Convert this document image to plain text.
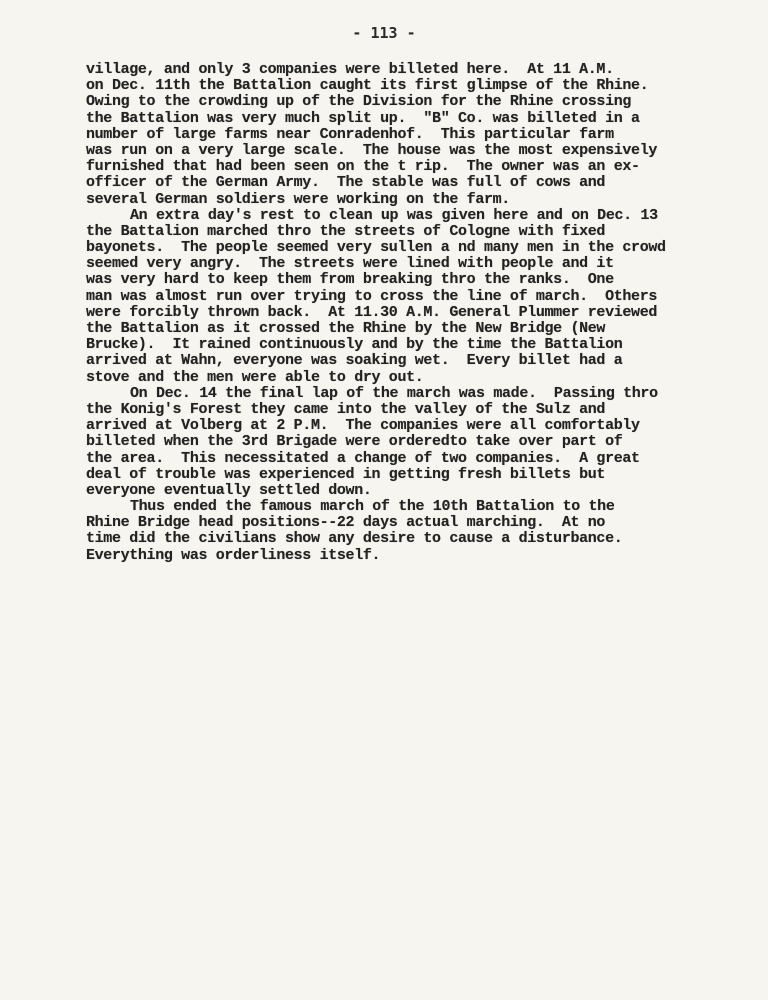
- 113 -
village, and only 3 companies were billeted here.  At 11 A.M.
on Dec. 11th the Battalion caught its first glimpse of the Rhine.
Owing to the crowding up of the Division for the Rhine crossing
the Battalion was very much split up.  "B" Co. was billeted in a
number of large farms near Conradenhof.  This particular farm
was run on a very large scale.  The house was the most expensively
furnished that had been seen on the t rip.  The owner was an ex-
officer of the German Army.  The stable was full of cows and
several German soldiers were working on the farm.
An extra day's rest to clean up was given here and on Dec. 13
the Battalion marched thro the streets of Cologne with fixed
bayonets.  The people seemed very sullen a nd many men in the crowd
seemed very angry.  The streets were lined with people and it
was very hard to keep them from breaking thro the ranks.  One
man was almost run over trying to cross the line of march.  Others
were forcibly thrown back.  At 11.30 A.M. General Plummer reviewed
the Battalion as it crossed the Rhine by the New Bridge (New
Brucke).  It rained continuously and by the time the Battalion
arrived at Wahn, everyone was soaking wet.  Every billet had a
stove and the men were able to dry out.
On Dec. 14 the final lap of the march was made.  Passing thro
the Konig's Forest they came into the valley of the Sulz and
arrived at Volberg at 2 P.M.  The companies were all comfortably
billeted when the 3rd Brigade were orderedto take over part of
the area.  This necessitated a change of two companies.  A great
deal of trouble was experienced in getting fresh billets but
everyone eventually settled down.
Thus ended the famous march of the 10th Battalion to the
Rhine Bridge head positions--22 days actual marching.  At no
time did the civilians show any desire to cause a disturbance.
Everything was orderliness itself.
